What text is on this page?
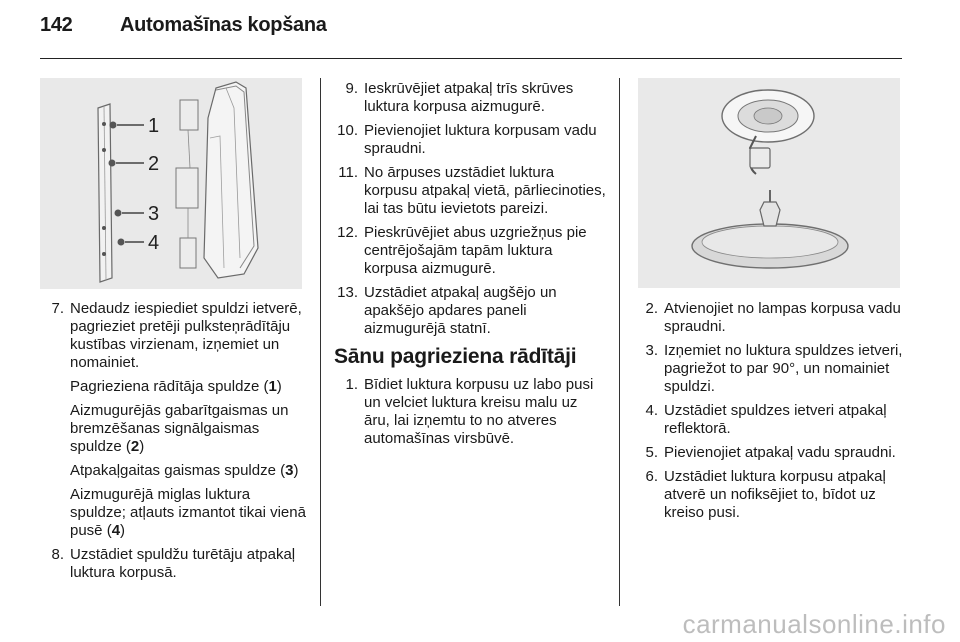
142 Automašīnas kopšana
1
2
3
4
7. Nedaudz iespiediet spuldzi ietverē, pagrieziet pretēji pulksteņrādītāju kustības virzienam, izņemiet un nomainiet.

Pagrieziena rādītāja spuldze (1)

Aizmugurējās gabarītgaismas un bremzēšanas signālgaismas spuldze (2)

Atpakaļgaitas gaismas spuldze (3)

Aizmugurējā miglas luktura spuldze; atļauts izmantot tikai vienā pusē (4)

8. Uzstādiet spuldžu turētāju atpakaļ luktura korpusā.
9. Ieskrūvējiet atpakaļ trīs skrūves luktura korpusa aizmugurē.
10. Pievienojiet luktura korpusam vadu spraudni.
11. No ārpuses uzstādiet luktura korpusu atpakaļ vietā, pārliecinoties, lai tas būtu ievietots pareizi.
12. Pieskrūvējiet abus uzgriežņus pie centrējošajām tapām luktura korpusa aizmugurē.
13. Uzstādiet atpakaļ augšējo un apakšējo apdares paneli aizmugurējā statnī.
Sānu pagrieziena rādītāji
1. Bīdiet luktura korpusu uz labo pusi un velciet luktura kreisu malu uz āru, lai izņemtu to no atveres automašīnas virsbūvē.
2. Atvienojiet no lampas korpusa vadu spraudni.
3. Izņemiet no luktura spuldzes ietveri, pagriežot to par 90°, un nomainiet spuldzi.
4. Uzstādiet spuldzes ietveri atpakaļ reflektorā.
5. Pievienojiet atpakaļ vadu spraudni.
6. Uzstādiet luktura korpusu atpakaļ atverē un nofiksējiet to, bīdot uz kreiso pusi.
carmanualsonline.info
